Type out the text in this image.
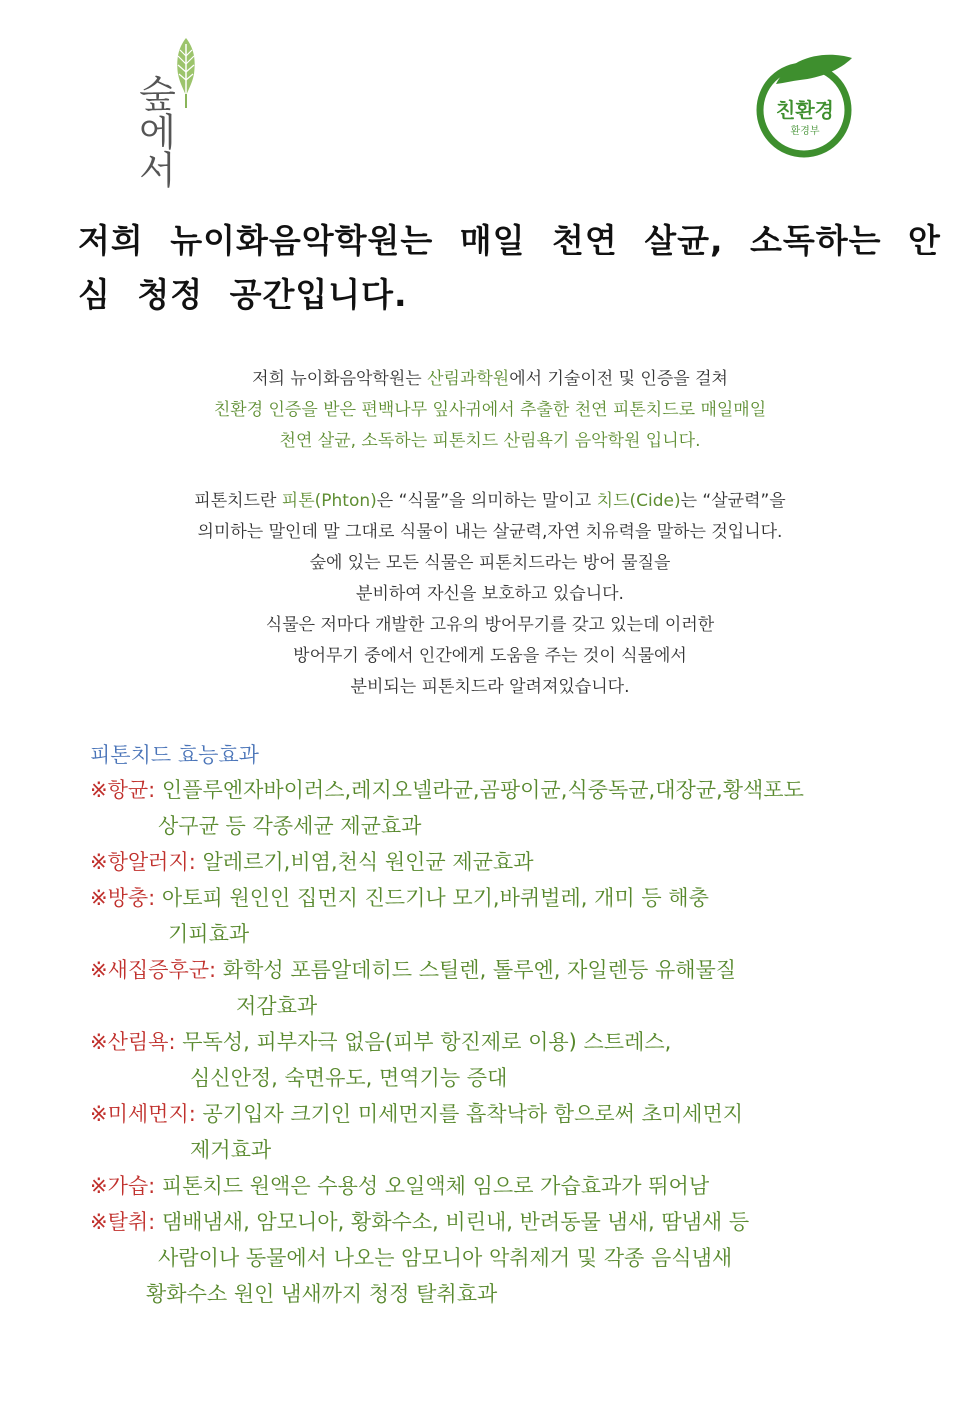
숲에서	친환경
환경부
저희 뉴이화음악학원는 매일 천연 살균, 소독하는 안심 청정 공간입니다.
저희 뉴이화음악학원는 산림과학원에서 기술이전 및 인증을 걸쳐
친환경 인증을 받은 편백나무 잎사귀에서 추출한 천연 피톤치드로 매일매일
천연 살균, 소독하는 피톤치드 산림욕기 음악학원 입니다.
피톤치드란 피톤(Phton)은 “식물”을 의미하는 말이고 치드(Cide)는 “살균력”을
의미하는 말인데 말 그대로 식물이 내는 살균력,자연 치유력을 말하는 것입니다.
숲에 있는 모든 식물은 피톤치드라는 방어 물질을
분비하여 자신을 보호하고 있습니다.
식물은 저마다 개발한 고유의 방어무기를 갖고 있는데 이러한
방어무기 중에서 인간에게 도움을 주는 것이 식물에서
분비되는 피톤치드라 알려져있습니다.
피톤치드 효능효과
※항균: 인플루엔자바이러스,레지오넬라균,곰팡이균,식중독균,대장균,황색포도
상구균 등 각종세균 제균효과
※항알러지: 알레르기,비염,천식 원인균 제균효과
※방충: 아토피 원인인 집먼지 진드기나 모기,바퀴벌레, 개미 등 해충
기피효과
※새집증후군: 화학성 포름알데히드 스틸렌, 톨루엔, 자일렌등 유해물질
저감효과
※산림욕: 무독성, 피부자극 없음(피부 항진제로 이용) 스트레스,
심신안정, 숙면유도, 면역기능 증대
※미세먼지: 공기입자 크기인 미세먼지를 흡착낙하 함으로써 초미세먼지
제거효과
※가습: 피톤치드 원액은 수용성 오일액체 임으로 가습효과가 뛰어남
※탈취: 댐배냄새, 암모니아, 황화수소, 비린내, 반려동물 냄새, 땀냄새 등
사람이나 동물에서 나오는 암모니아 악취제거 및 각종 음식냄새
황화수소 원인 냄새까지 청정 탈취효과
